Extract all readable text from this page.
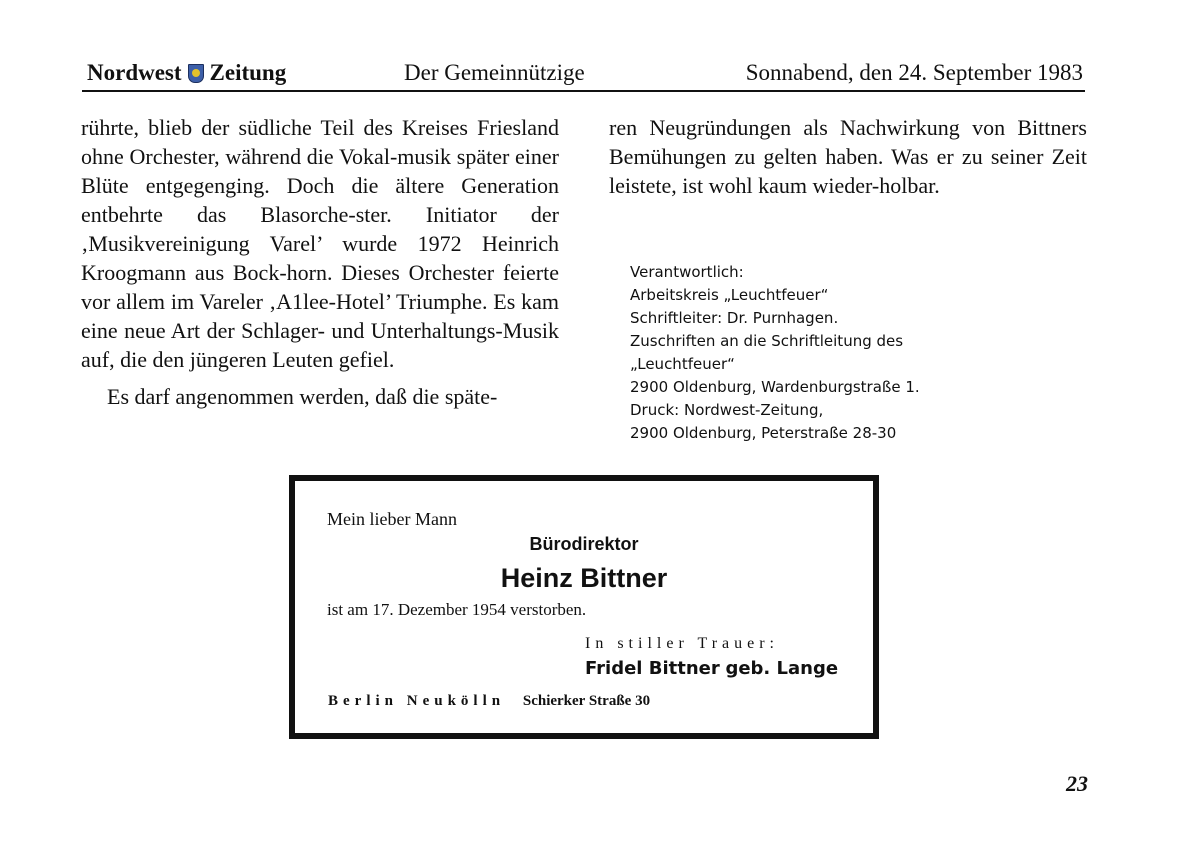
Nordwest Zeitung	Der Gemeinnützige	Sonnabend, den 24. September 1983

rührte, blieb der südliche Teil des Kreises Friesland ohne Orchester, während die Vokal-musik später einer Blüte entgegenging. Doch die ältere Generation entbehrte das Blasorche-ster. Initiator der ‚Musikvereinigung Varel’ wurde 1972 Heinrich Kroogmann aus Bock-horn. Dieses Orchester feierte vor allem im Vareler ‚A1lee-Hotel’ Triumphe. Es kam eine neue Art der Schlager- und Unterhaltungs-Musik auf, die den jüngeren Leuten gefiel.

Es darf angenommen werden, daß die späte-

ren Neugründungen als Nachwirkung von Bittners Bemühungen zu gelten haben. Was er zu seiner Zeit leistete, ist wohl kaum wieder-holbar.

Verantwortlich:
Arbeitskreis „Leuchtfeuer“
Schriftleiter: Dr. Purnhagen.
Zuschriften an die Schriftleitung des
„Leuchtfeuer“
2900 Oldenburg, Wardenburgstraße 1.
Druck: Nordwest-Zeitung,
2900 Oldenburg, Peterstraße 28-30
Mein lieber Mann
Bürodirektor
Heinz Bittner
ist am 17. Dezember 1954 verstorben.
In stiller Trauer:
Fridel Bittner geb. Lange
Berlin Neukölln Schierker Straße 30
23
